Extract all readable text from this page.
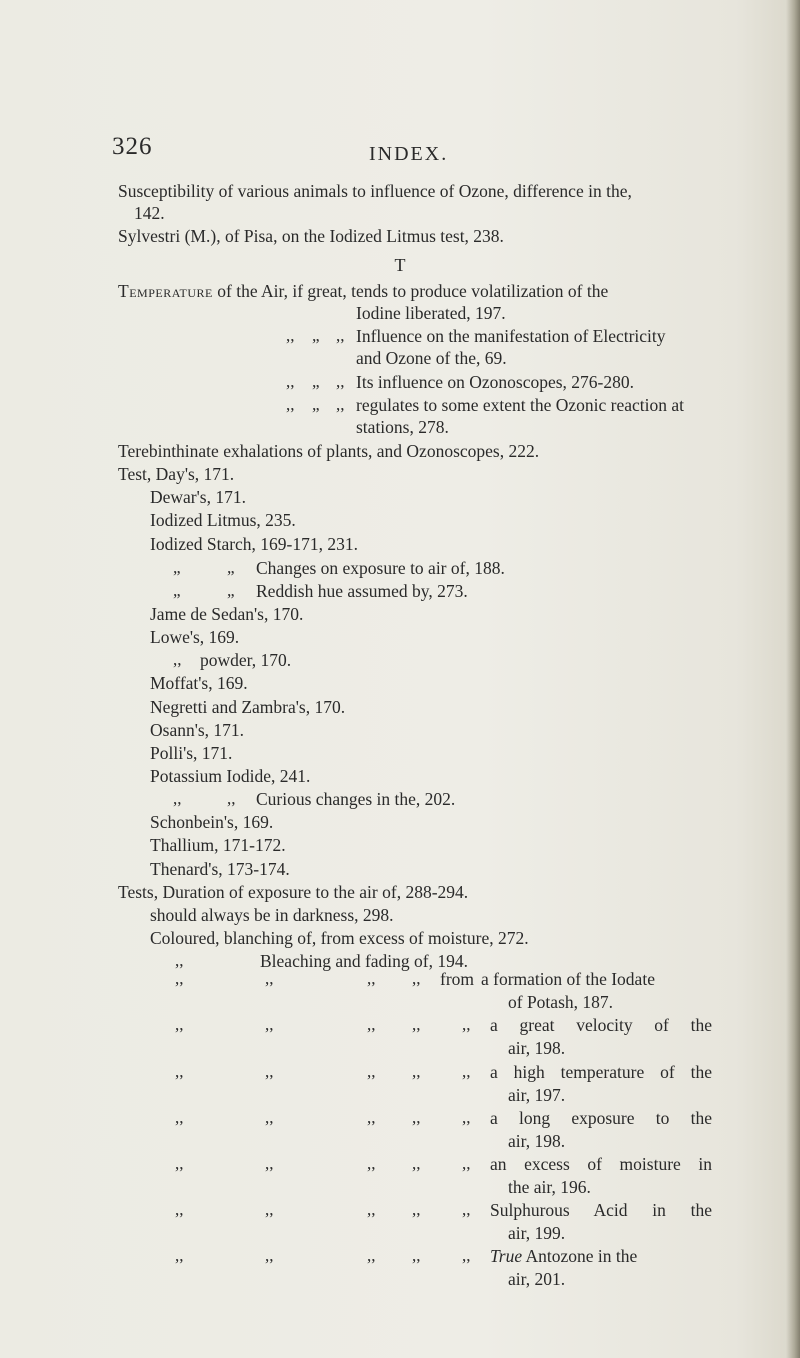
326	INDEX.
Susceptibility of various animals to influence of Ozone, difference in the,
142.
Sylvestri (M.), of Pisa, on the Iodized Litmus test, 238.
T
Temperature of the Air, if great, tends to produce volatilization of the
Iodine liberated, 197.
,, „ ,, Influence on the manifestation of Electricity
and Ozone of the, 69.
,, „ ,, Its influence on Ozonoscopes, 276-280.
,, „ ,, regulates to some extent the Ozonic reaction at
stations, 278.
Terebinthinate exhalations of plants, and Ozonoscopes, 222.
Test, Day's, 171.
Dewar's, 171.
Iodized Litmus, 235.
Iodized Starch, 169-171, 231.
„	„ Changes on exposure to air of, 188.
„	„ Reddish hue assumed by, 273.
Jame de Sedan's, 170.
Lowe's, 169.
,, powder, 170.
Moffat's, 169.
Negretti and Zambra's, 170.
Osann's, 171.
Polli's, 171.
Potassium Iodide, 241.
,,	,, Curious changes in the, 202.
Schonbein's, 169.
Thallium, 171-172.
Thenard's, 173-174.
Tests, Duration of exposure to the air of, 288-294.
should always be in darkness, 298.
Coloured, blanching of, from excess of moisture, 272.
,,	Bleaching and fading of, 194.
,,	,,	,, ,, from a formation of the Iodate
of Potash, 187.
,,	,,	,, ,, ,, a great velocity of the
air, 198.
,,	,,	,, ,, ,, a high temperature of the
air, 197.
,,	,,	,, ,, ,, a long exposure to the
air, 198.
,,	,,	,, ,, ,, an excess of moisture in
the air, 196.
,,	,,	,, ,, ,, Sulphurous Acid in the
air, 199.
,,	,,	,, ,, ,, True Antozone in the
air, 201.
